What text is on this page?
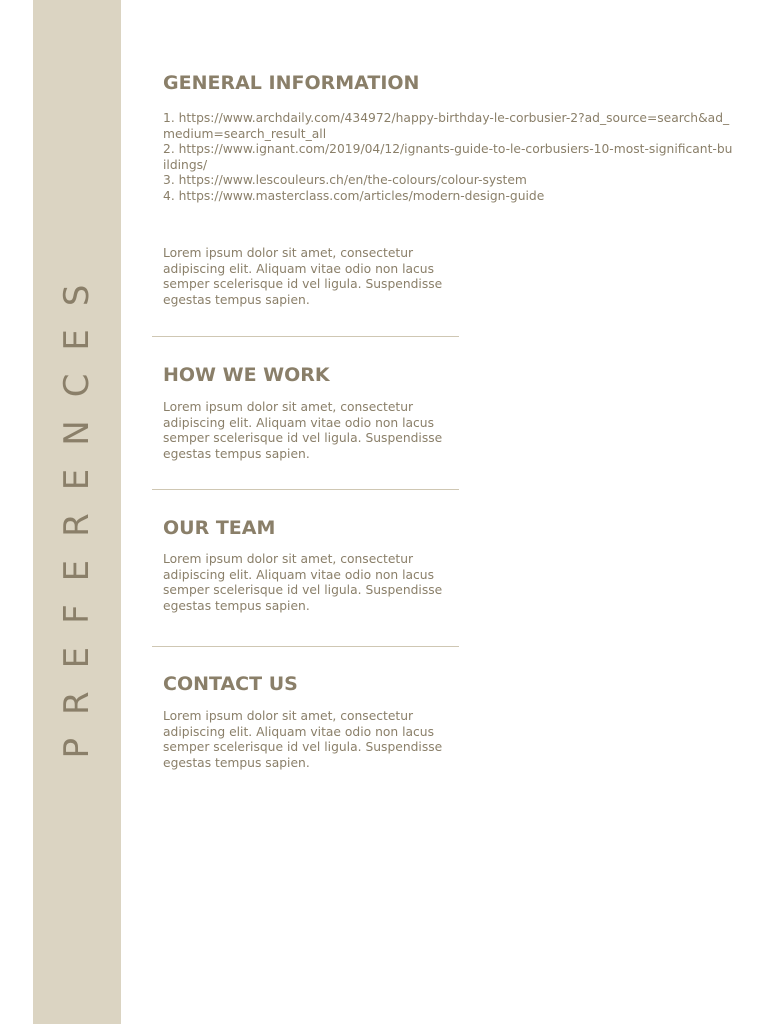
PREFERENCES
GENERAL INFORMATION
1. https://www.archdaily.com/434972/happy-birthday-le-corbusier-2?ad_source=search&ad_medium=search_result_all
2. https://www.ignant.com/2019/04/12/ignants-guide-to-le-corbusiers-10-most-significant-buildings/
3. https://www.lescouleurs.ch/en/the-colours/colour-system
4. https://www.masterclass.com/articles/modern-design-guide

Lorem ipsum dolor sit amet, consectetur adipiscing elit. Aliquam vitae odio non lacus semper scelerisque id vel ligula. Suspendisse egestas tempus sapien.

HOW WE WORK

Lorem ipsum dolor sit amet, consectetur adipiscing elit. Aliquam vitae odio non lacus semper scelerisque id vel ligula. Suspendisse egestas tempus sapien.

OUR TEAM

Lorem ipsum dolor sit amet, consectetur adipiscing elit. Aliquam vitae odio non lacus semper scelerisque id vel ligula. Suspendisse egestas tempus sapien.

CONTACT US

Lorem ipsum dolor sit amet, consectetur adipiscing elit. Aliquam vitae odio non lacus semper scelerisque id vel ligula. Suspendisse egestas tempus sapien.
